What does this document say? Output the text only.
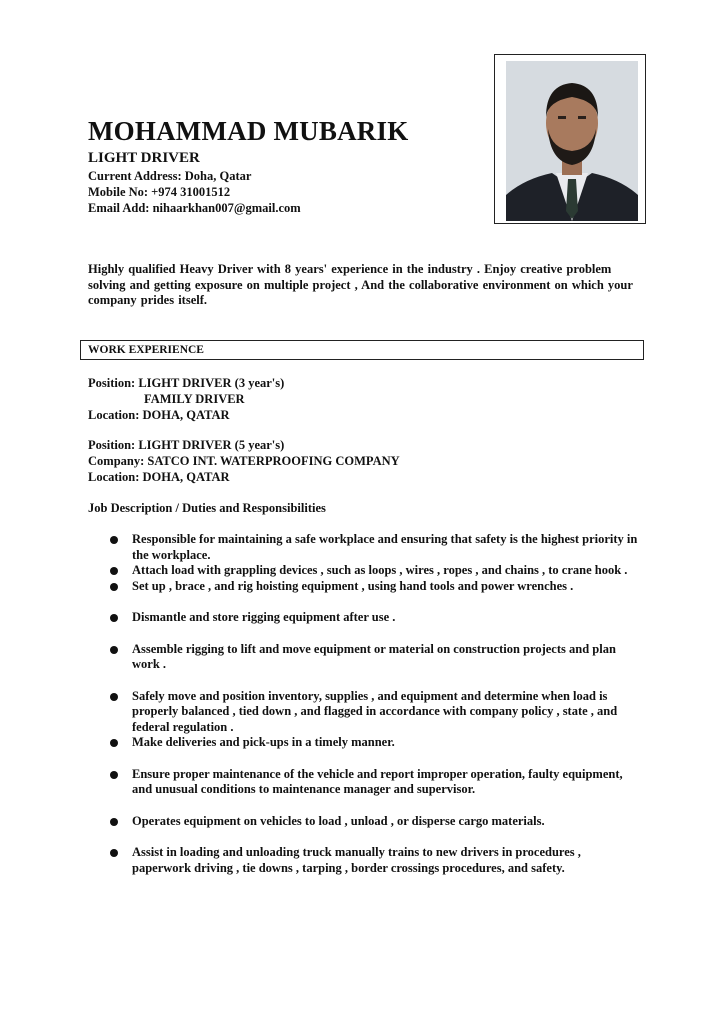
MOHAMMAD MUBARIK
LIGHT DRIVER
Current Address: Doha, Qatar
Mobile No: +974 31001512
Email Add: nihaarkhan007@gmail.com
Highly qualified Heavy Driver with 8 years' experience in the industry . Enjoy creative problem solving and getting exposure on multiple project , And the collaborative environment on which your company prides itself.
WORK EXPERIENCE
Position: LIGHT DRIVER (3 year's)
FAMILY DRIVER
Location: DOHA, QATAR
Position: LIGHT DRIVER (5 year's)
Company: SATCO INT. WATERPROOFING COMPANY
Location: DOHA, QATAR
Job Description / Duties and Responsibilities
Responsible for maintaining a safe workplace and ensuring that safety is the highest priority in the workplace.
Attach load with grappling devices , such as loops , wires , ropes , and chains , to crane hook .
Set up , brace , and rig hoisting equipment , using hand tools and power wrenches .
Dismantle and store rigging equipment after use .
Assemble rigging to lift and move equipment or material on construction projects and plan work .
Safely move and position inventory, supplies , and equipment and determine when load is properly balanced , tied down , and flagged in accordance with company policy , state , and federal regulation .
Make deliveries and pick-ups in a timely manner.
Ensure proper maintenance of the vehicle and report improper operation, faulty equipment, and unusual conditions to maintenance manager and supervisor.
Operates equipment on vehicles to load , unload , or disperse cargo materials.
Assist in loading and unloading truck manually trains to new drivers in procedures , paperwork driving , tie downs , tarping , border crossings procedures, and safety.
